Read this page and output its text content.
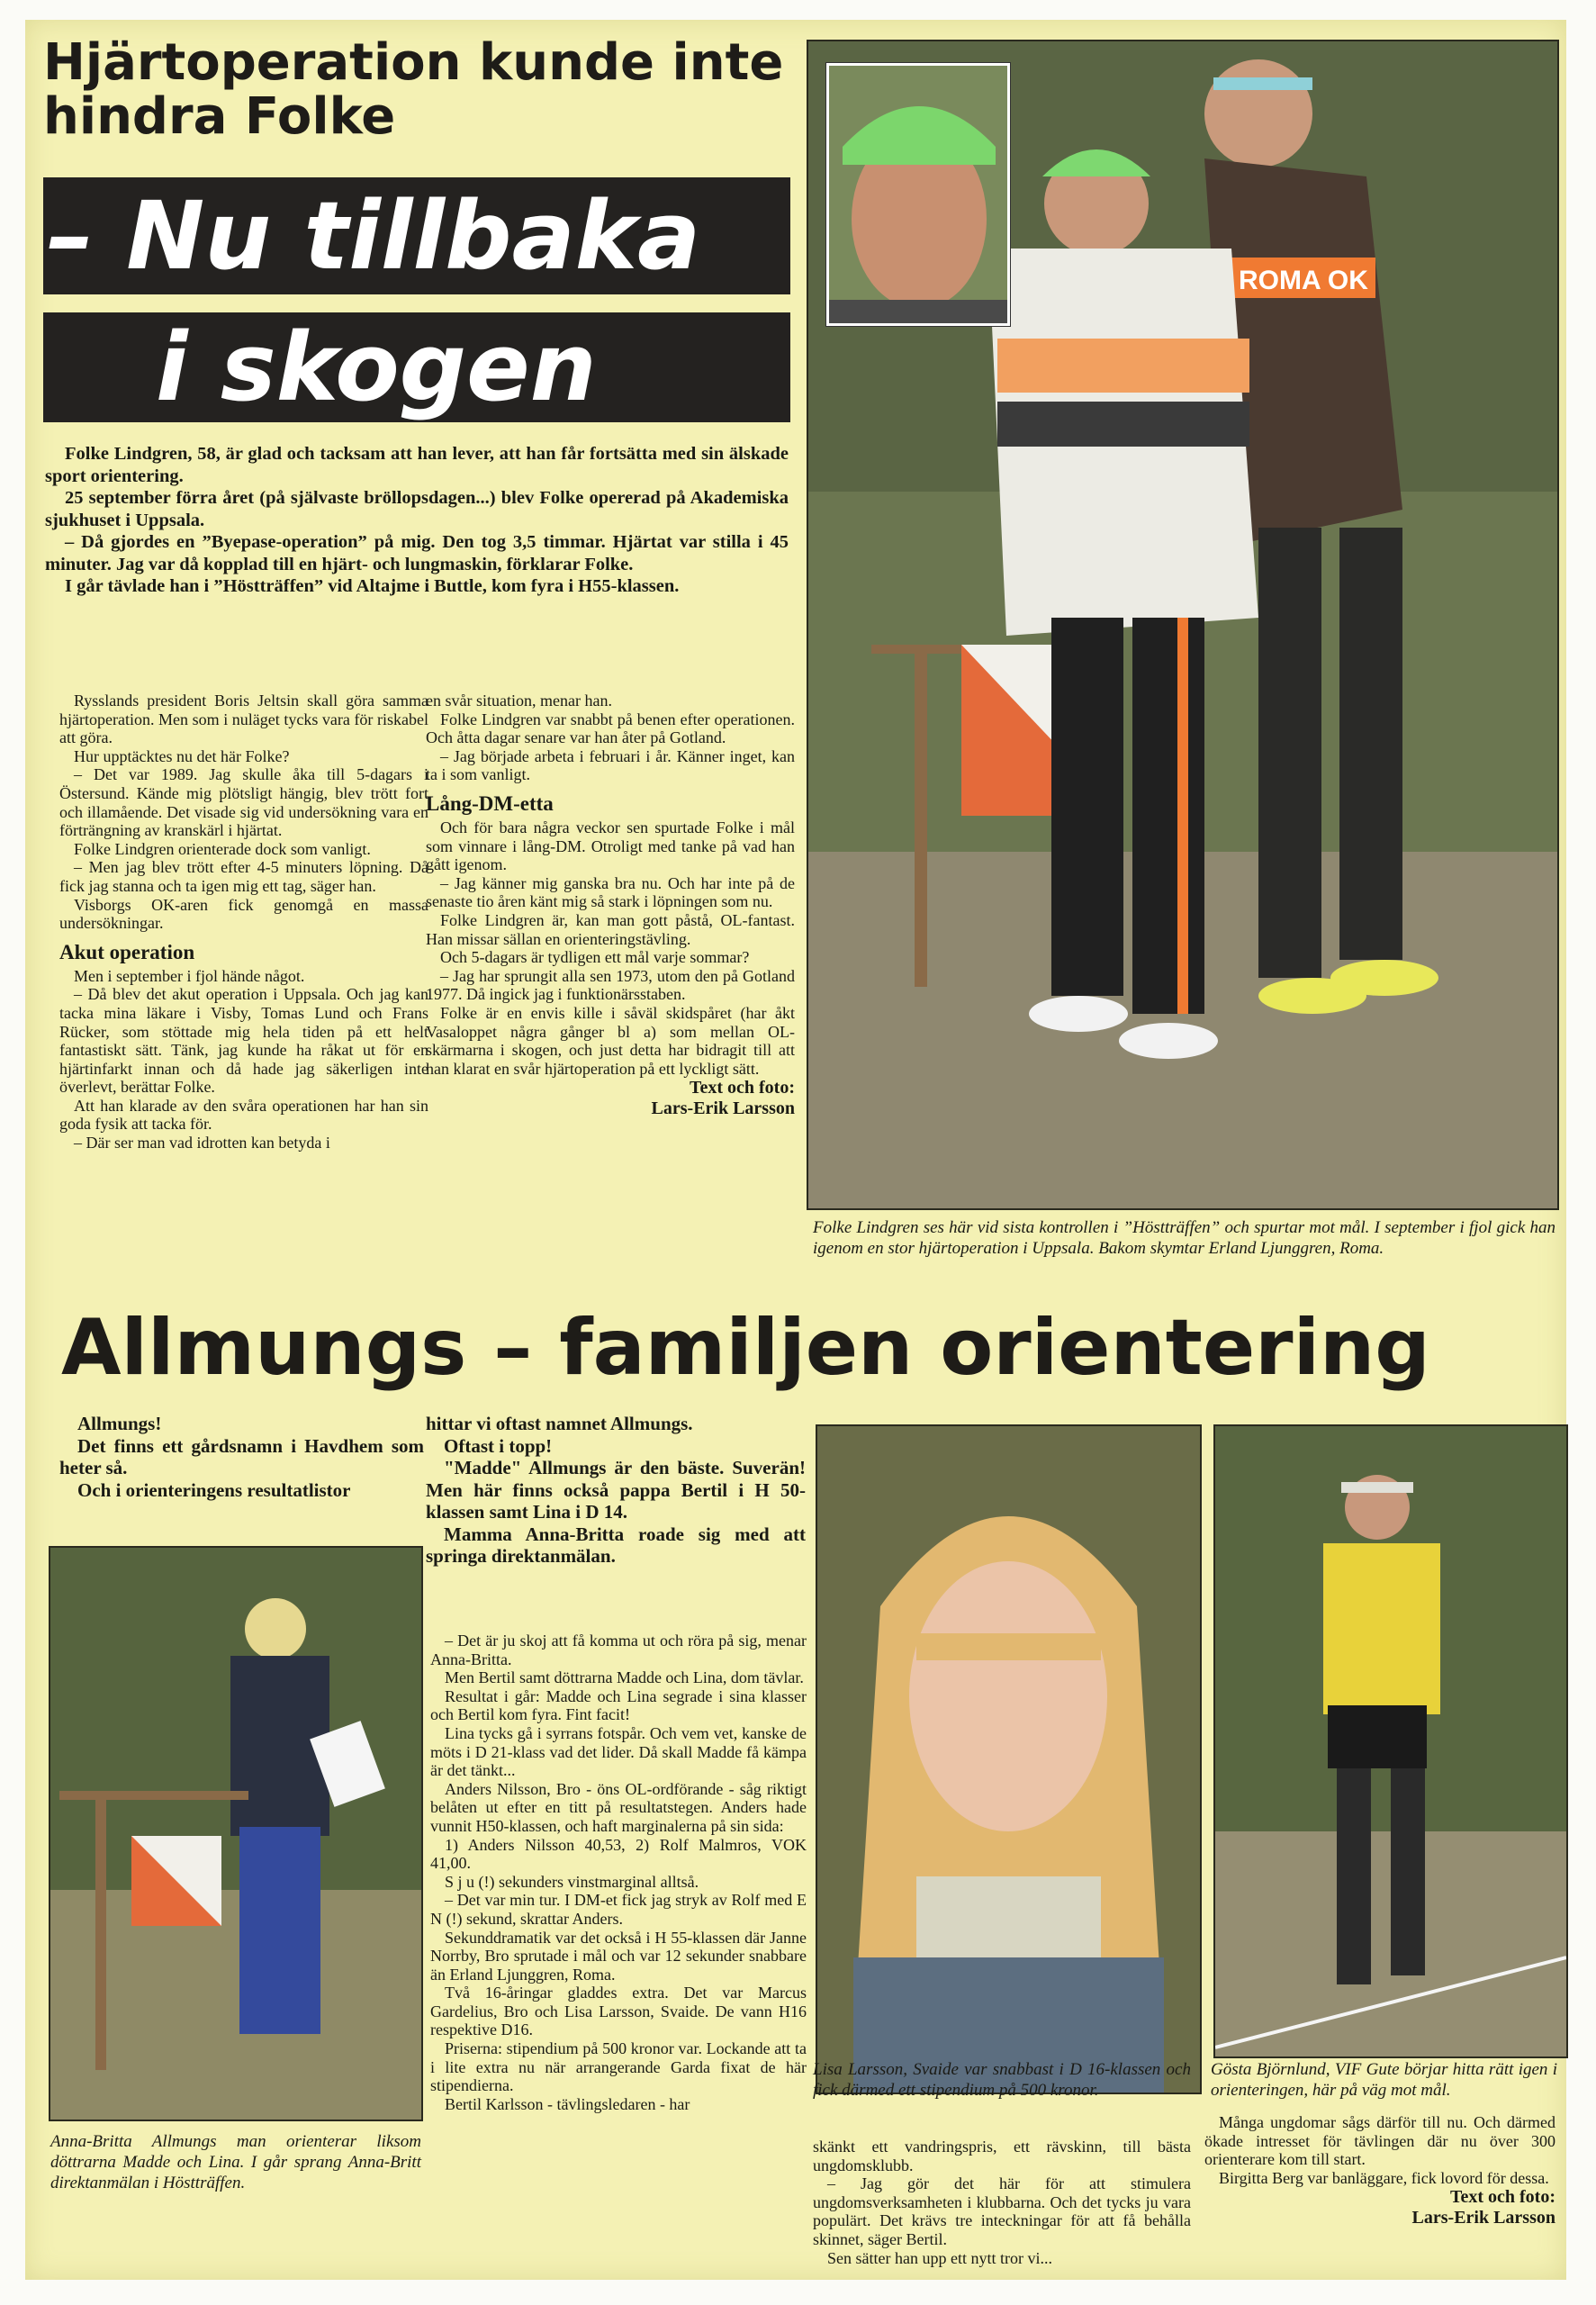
Hjärtoperation kunde inte hindra Folke
– Nu tillbaka
i skogen

Folke Lindgren, 58, är glad och tacksam att han lever, att han får fortsätta med sin älskade sport orientering.

25 september förra året (på självaste bröllopsdagen...) blev Folke opererad på Akademiska sjukhuset i Uppsala.

– Då gjordes en ”Byepase-operation” på mig. Den tog 3,5 timmar. Hjärtat var stilla i 45 minuter. Jag var då kopplad till en hjärt- och lungmaskin, förklarar Folke.

I går tävlade han i ”Höstträffen” vid Altajme i Buttle, kom fyra i H55-klassen.

Rysslands president Boris Jeltsin skall göra samma hjärtoperation. Men som i nuläget tycks vara för riskabel att göra.

Hur upptäcktes nu det här Folke?

– Det var 1989. Jag skulle åka till 5-dagars i Östersund. Kände mig plötsligt hängig, blev trött fort och illamående. Det visade sig vid undersökning vara en förträngning av kranskärl i hjärtat.

Folke Lindgren orienterade dock som vanligt.

– Men jag blev trött efter 4-5 minuters löpning. Då fick jag stanna och ta igen mig ett tag, säger han.

Visborgs OK-aren fick genomgå en massa undersökningar.

Akut operation

Men i september i fjol hände något.

– Då blev det akut operation i Uppsala. Och jag kan tacka mina läkare i Visby, Tomas Lund och Frans Rücker, som stöttade mig hela tiden på ett helt fantastiskt sätt. Tänk, jag kunde ha råkat ut för en hjärtinfarkt innan och då hade jag säkerligen inte överlevt, berättar Folke.

Att han klarade av den svåra operationen har han sin goda fysik att tacka för.

– Där ser man vad idrotten kan betyda i

en svår situation, menar han.

Folke Lindgren var snabbt på benen efter operationen. Och åtta dagar senare var han åter på Gotland.

– Jag började arbeta i februari i år. Känner inget, kan ta i som vanligt.

Lång-DM-etta

Och för bara några veckor sen spurtade Folke i mål som vinnare i lång-DM. Otroligt med tanke på vad han gått igenom.

– Jag känner mig ganska bra nu. Och har inte på de senaste tio åren känt mig så stark i löpningen som nu.

Folke Lindgren är, kan man gott påstå, OL-fantast. Han missar sällan en orienteringstävling.

Och 5-dagars är tydligen ett mål varje sommar?

– Jag har sprungit alla sen 1973, utom den på Gotland 1977. Då ingick jag i funktionärsstaben.

Folke är en envis kille i såväl skidspåret (har åkt Vasaloppet några gånger bl a) som mellan OL-skärmarna i skogen, och just detta har bidragit till att han klarat en svår hjärtoperation på ett lyckligt sätt.

Text och foto:

Lars-Erik Larsson

ROMA OK
Folke Lindgren ses här vid sista kontrollen i ”Höstträffen” och spurtar mot mål. I september i fjol gick han igenom en stor hjärtoperation i Uppsala. Bakom skymtar Erland Ljunggren, Roma.
Allmungs – familjen orientering

Allmungs!

Det finns ett gårdsnamn i Havdhem som heter så.

Och i orienteringens resultatlistor

hittar vi oftast namnet Allmungs.

Oftast i topp!

"Madde" Allmungs är den bäste. Suverän! Men här finns också pappa Bertil i H 50-klassen samt Lina i D 14.

Mamma Anna-Britta roade sig med att springa direktanmälan.

Anna-Britta Allmungs man orienterar liksom döttrarna Madde och Lina. I går sprang Anna-Britt direktanmälan i Höstträffen.

– Det är ju skoj att få komma ut och röra på sig, menar Anna-Britta.

Men Bertil samt döttrarna Madde och Lina, dom tävlar.

Resultat i går: Madde och Lina segrade i sina klasser och Bertil kom fyra. Fint facit!

Lina tycks gå i syrrans fotspår. Och vem vet, kanske de möts i D 21-klass vad det lider. Då skall Madde få kämpa är det tänkt...

Anders Nilsson, Bro - öns OL-ordförande - såg riktigt belåten ut efter en titt på resultatstegen. Anders hade vunnit H50-klassen, och haft marginalerna på sin sida:

1) Anders Nilsson 40,53, 2) Rolf Malmros, VOK 41,00.

S j u (!) sekunders vinstmarginal alltså.

– Det var min tur. I DM-et fick jag stryk av Rolf med E N (!) sekund, skrattar Anders.

Sekunddramatik var det också i H 55-klassen där Janne Norrby, Bro sprutade i mål och var 12 sekunder snabbare än Erland Ljunggren, Roma.

Två 16-åringar gladdes extra. Det var Marcus Gardelius, Bro och Lisa Larsson, Svaide. De vann H16 respektive D16.

Priserna: stipendium på 500 kronor var. Lockande att ta i lite extra nu när arrangerande Garda fixat de här stipendierna.

Bertil Karlsson - tävlingsledaren - har

Lisa Larsson, Svaide var snabbast i D 16-klassen och fick därmed ett stipendium på 500 kronor.

skänkt ett vandringspris, ett rävskinn, till bästa ungdomsklubb.

– Jag gör det här för att stimulera ungdomsverksamheten i klubbarna. Och det tycks ju vara populärt. Det krävs tre inteckningar för att få behålla skinnet, säger Bertil.

Sen sätter han upp ett nytt tror vi...

Gösta Björnlund, VIF Gute börjar hitta rätt igen i orienteringen, här på väg mot mål.

Många ungdomar sågs därför till nu. Och därmed ökade intresset för tävlingen där nu över 300 orienterare kom till start.

Birgitta Berg var banläggare, fick lovord för dessa.

Text och foto:

Lars-Erik Larsson
